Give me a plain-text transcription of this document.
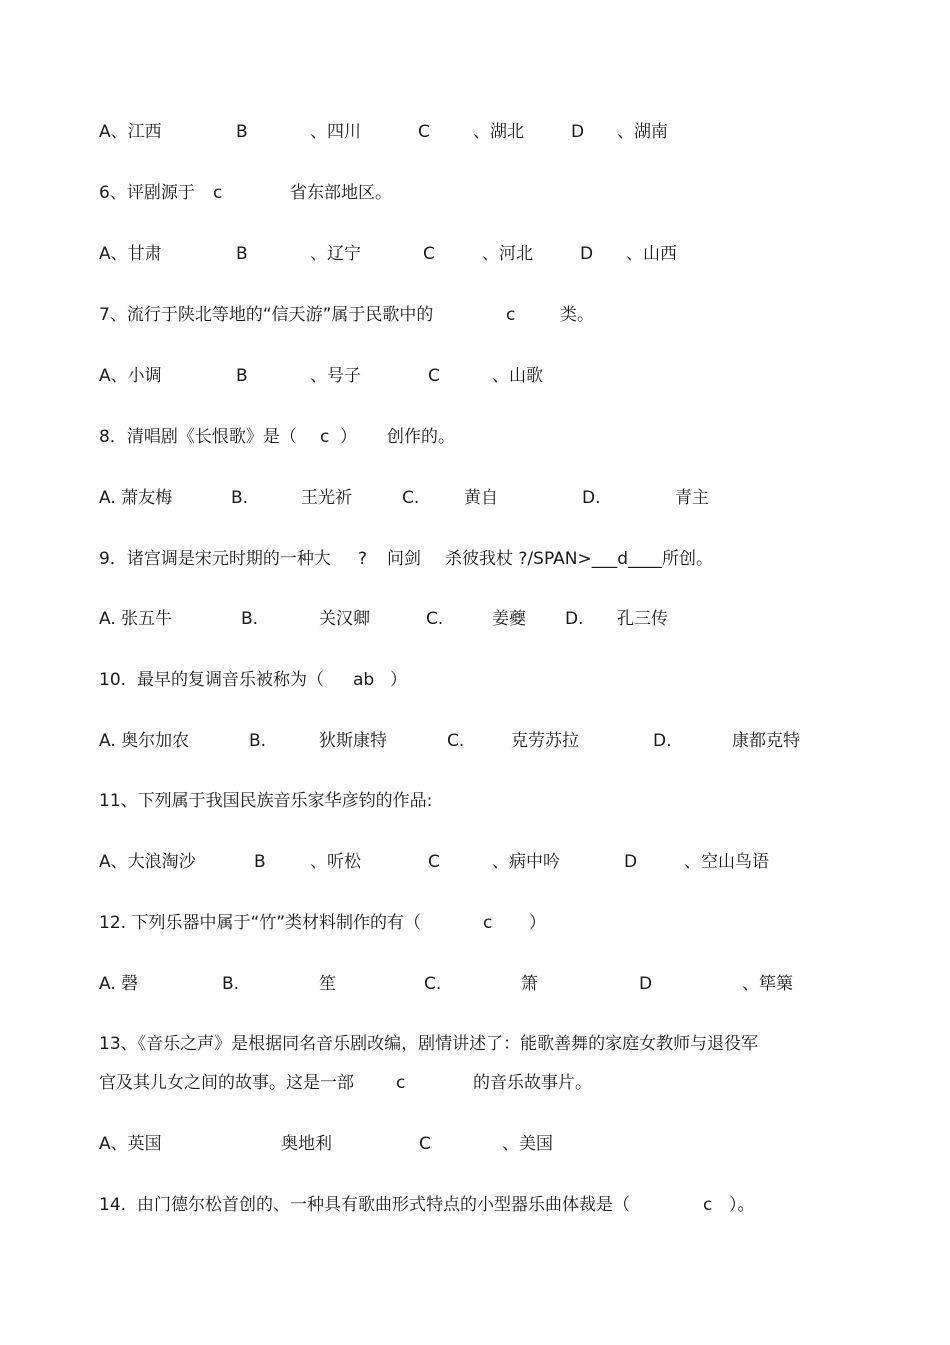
A、江西	B	、四川	C	、湖北	D 、湖南
6、评剧源于 c	省东部地区。
A、甘肃	B	、辽宁	C	、河北	D 、山西
7、流行于陕北等地的“信天游”属于民歌中的	c	类。
A、小调	B	、号子	C	、山歌
8．清唱剧《长恨歌》是（ c ） 创作的。
A. 萧友梅	B.	王光祈	C.	黄自	D.	青主
9．诸宫调是宋元时期的一种大 ? 问剑 杀彼我杖 ?/SPAN>___d____所创。
A. 张五牛	B.	关汉卿	C.	姜夔 D. 孔三传
10. 最早的复调音乐被称为（ ab ）
A. 奥尔加农	B.	狄斯康特	C.	克劳苏拉	D.	康都克特
11、下列属于我国民族音乐家华彦钧的作品:
A、大浪淘沙	B	、听松	C	、病中吟	D	、空山鸟语
12. 下列乐器中属于“竹”类材料制作的有（	c ）
A. 磬	B.	笙	C.	箫	D	、筚篥
13、《音乐之声》是根据同名音乐剧改编，剧情讲述了：能歌善舞的家庭女教师与退役军
官及其儿女之间的故事。这是一部 c	的音乐故事片。
A、英国	奥地利	C	、美国
14. 由门德尔松首创的、一种具有歌曲形式特点的小型器乐曲体裁是（	c ）。
